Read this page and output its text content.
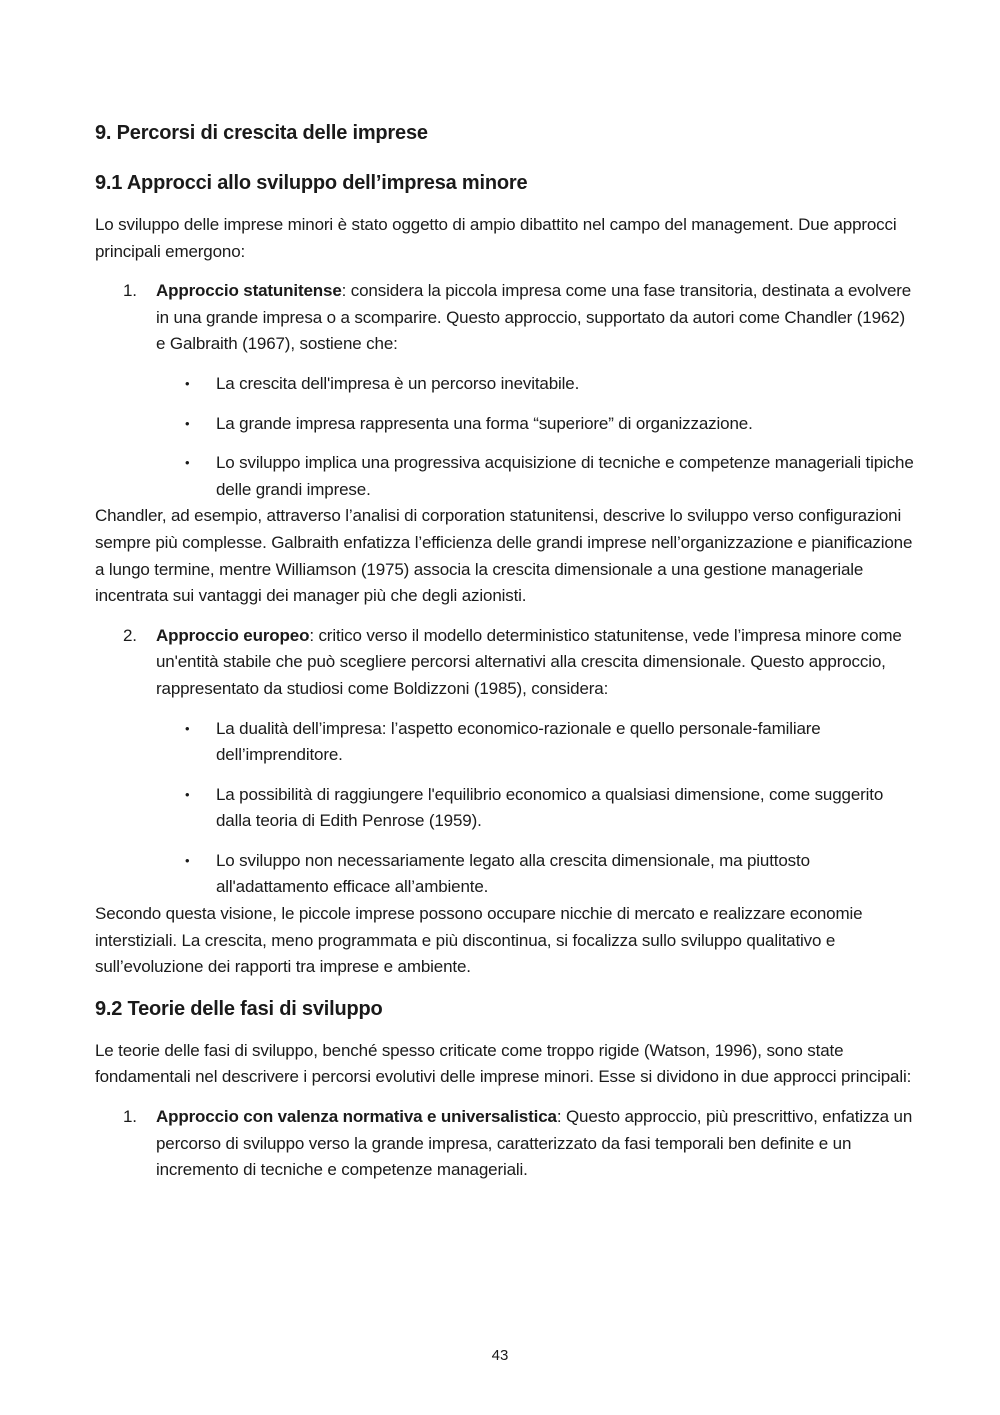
9. Percorsi di crescita delle imprese
9.1 Approcci allo sviluppo dell’impresa minore

Lo sviluppo delle imprese minori è stato oggetto di ampio dibattito nel campo del management. Due approcci principali emergono:

1. Approccio statunitense: considera la piccola impresa come una fase transitoria, destinata a evolvere in una grande impresa o a scomparire. Questo approccio, supportato da autori come Chandler (1962) e Galbraith (1967), sostiene che:
• La crescita dell'impresa è un percorso inevitabile.
• La grande impresa rappresenta una forma “superiore” di organizzazione.
• Lo sviluppo implica una progressiva acquisizione di tecniche e competenze manageriali tipiche delle grandi imprese.

Chandler, ad esempio, attraverso l’analisi di corporation statunitensi, descrive lo sviluppo verso configurazioni sempre più complesse. Galbraith enfatizza l’efficienza delle grandi imprese nell’organizzazione e pianificazione a lungo termine, mentre Williamson (1975) associa la crescita dimensionale a una gestione manageriale incentrata sui vantaggi dei manager più che degli azionisti.

2. Approccio europeo: critico verso il modello deterministico statunitense, vede l’impresa minore come un'entità stabile che può scegliere percorsi alternativi alla crescita dimensionale. Questo approccio, rappresentato da studiosi come Boldizzoni (1985), considera:
• La dualità dell’impresa: l’aspetto economico-razionale e quello personale-familiare dell’imprenditore.
• La possibilità di raggiungere l'equilibrio economico a qualsiasi dimensione, come suggerito dalla teoria di Edith Penrose (1959).
• Lo sviluppo non necessariamente legato alla crescita dimensionale, ma piuttosto all'adattamento efficace all’ambiente.

Secondo questa visione, le piccole imprese possono occupare nicchie di mercato e realizzare economie interstiziali. La crescita, meno programmata e più discontinua, si focalizza sullo sviluppo qualitativo e sull’evoluzione dei rapporti tra imprese e ambiente.

9.2 Teorie delle fasi di sviluppo

Le teorie delle fasi di sviluppo, benché spesso criticate come troppo rigide (Watson, 1996), sono state fondamentali nel descrivere i percorsi evolutivi delle imprese minori. Esse si dividono in due approcci principali:

1. Approccio con valenza normativa e universalistica: Questo approccio, più prescrittivo, enfatizza un percorso di sviluppo verso la grande impresa, caratterizzato da fasi temporali ben definite e un incremento di tecniche e competenze manageriali.
43
